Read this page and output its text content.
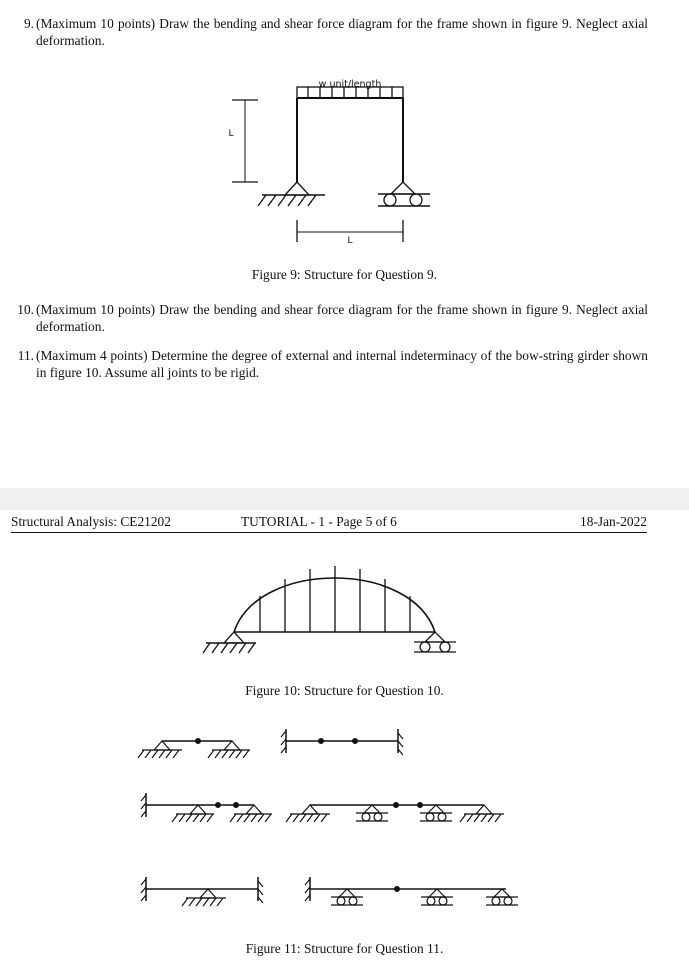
9. (Maximum 10 points) Draw the bending and shear force diagram for the frame shown in figure 9. Neglect axial deformation.
w unit/length
L
L
Figure 9: Structure for Question 9.
10. (Maximum 10 points) Draw the bending and shear force diagram for the frame shown in figure 9. Neglect axial deformation.
11. (Maximum 4 points) Determine the degree of external and internal indeterminacy of the bow-string girder shown in figure 10. Assume all joints to be rigid.
Structural Analysis: CE21202	TUTORIAL - 1 - Page 5 of 6	18-Jan-2022
Figure 10: Structure for Question 10.
Figure 11: Structure for Question 11.
